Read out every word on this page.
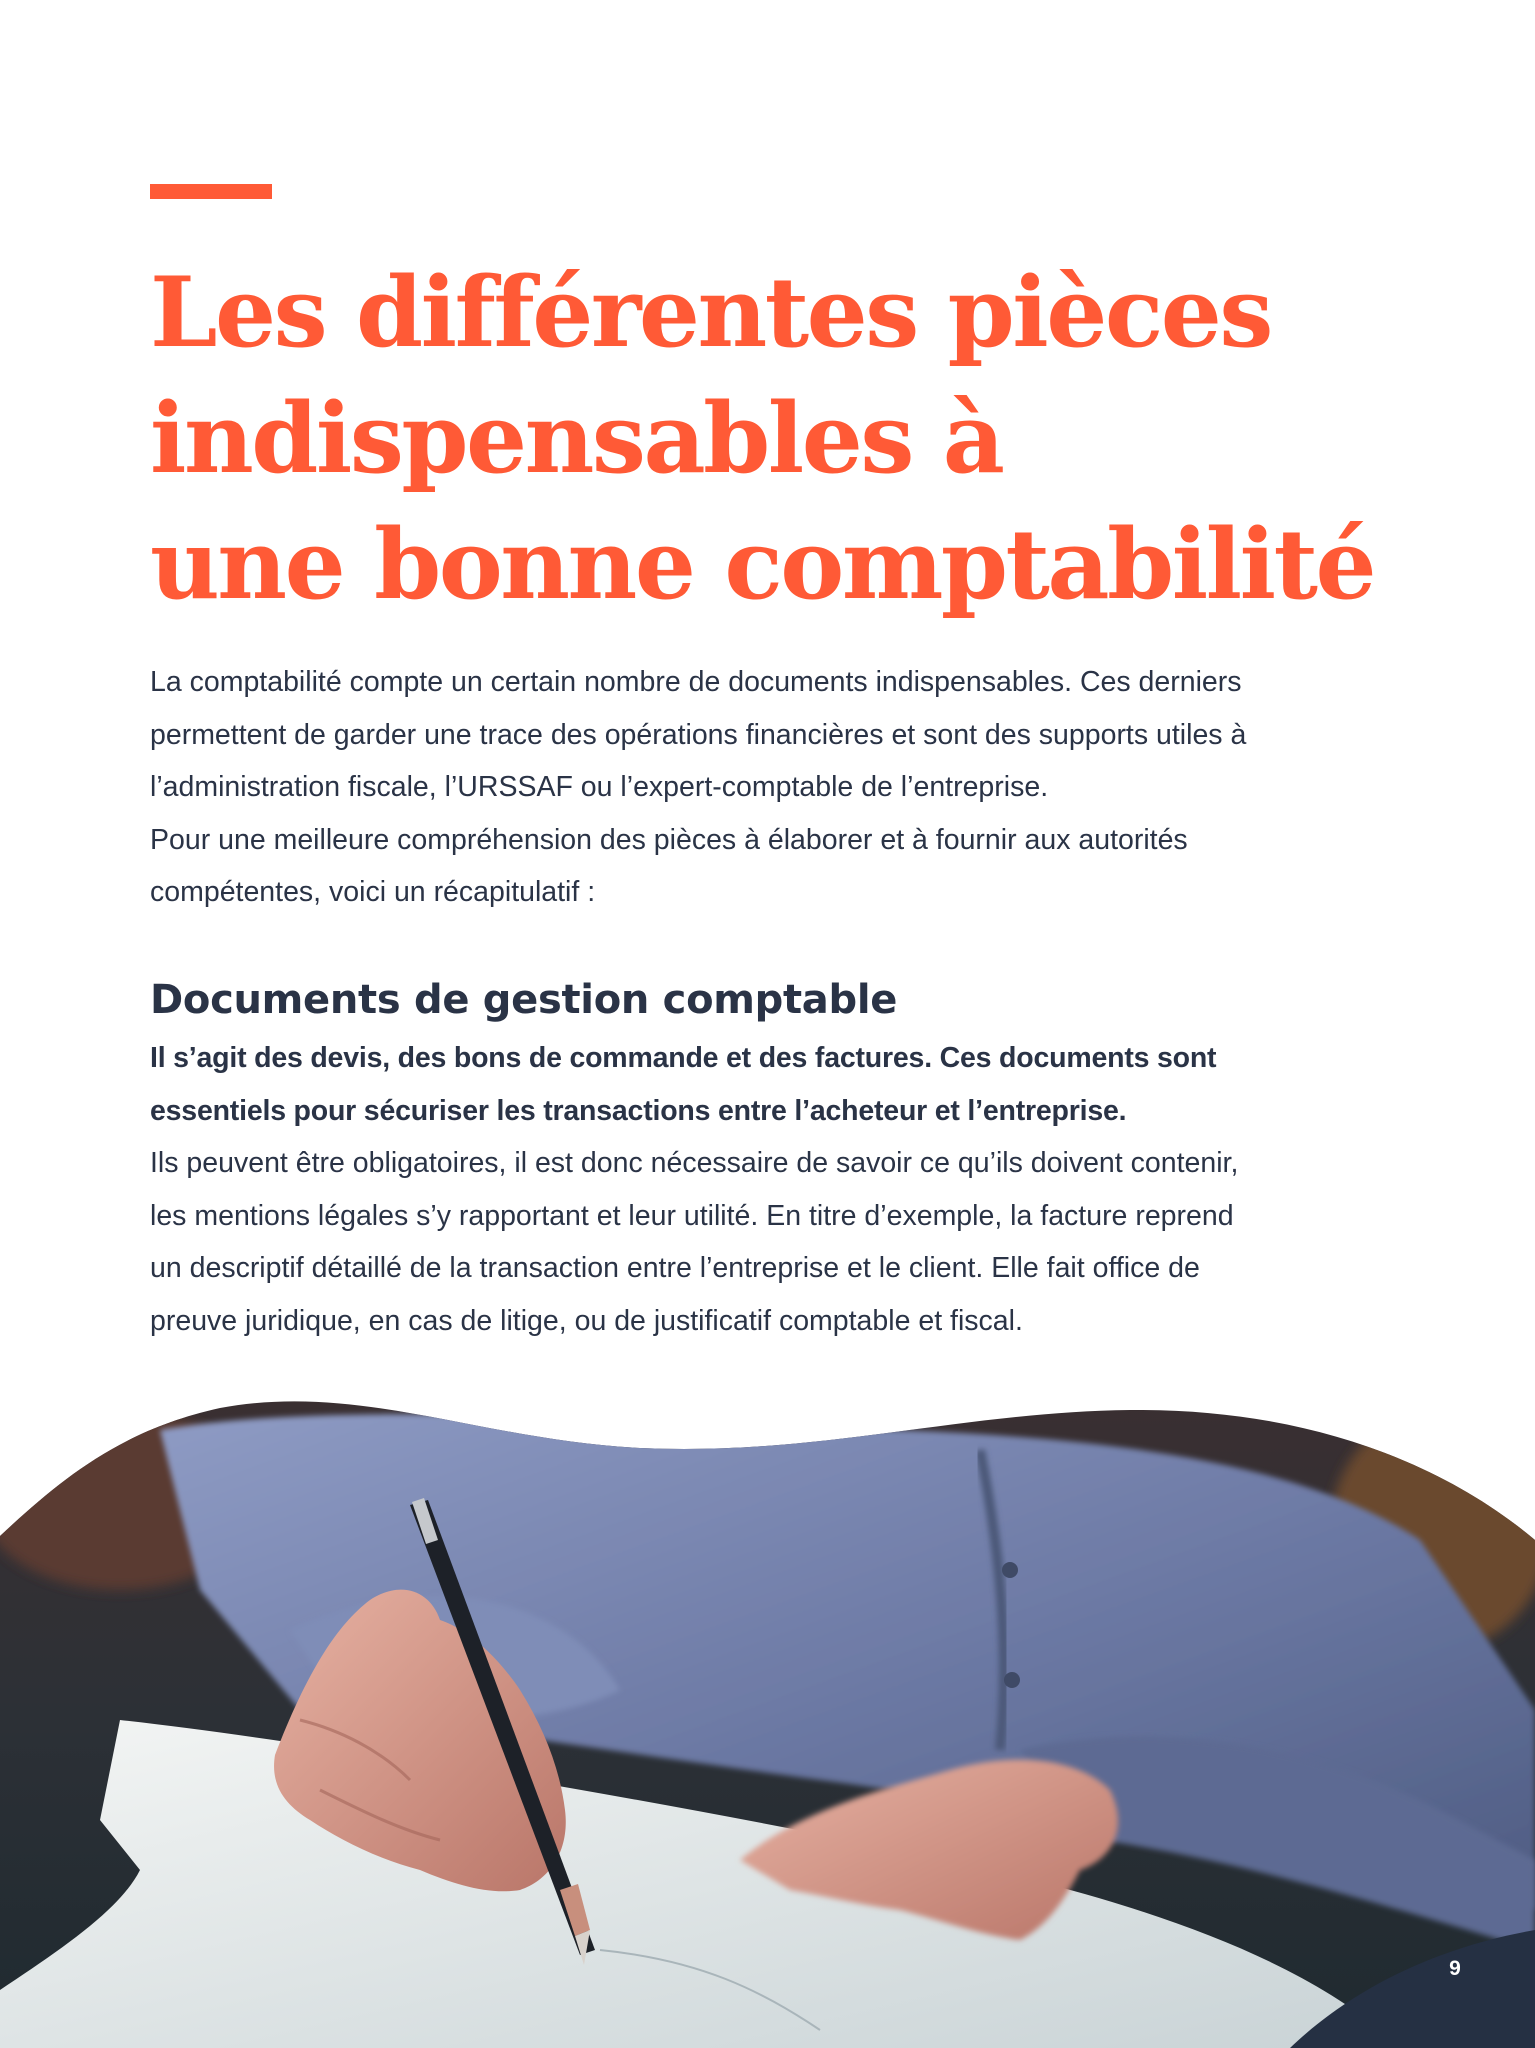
Les différentes pièces
indispensables à
une bonne comptabilité
La comptabilité compte un certain nombre de documents indispensables. Ces derniers
permettent de garder une trace des opérations financières et sont des supports utiles à
l’administration fiscale, l’URSSAF ou l’expert-comptable de l’entreprise.
Pour une meilleure compréhension des pièces à élaborer et à fournir aux autorités
compétentes, voici un récapitulatif :
Documents de gestion comptable
Il s’agit des devis, des bons de commande et des factures. Ces documents sont
essentiels pour sécuriser les transactions entre l’acheteur et l’entreprise.
Ils peuvent être obligatoires, il est donc nécessaire de savoir ce qu’ils doivent contenir,
les mentions légales s’y rapportant et leur utilité. En titre d’exemple, la facture reprend
un descriptif détaillé de la transaction entre l’entreprise et le client. Elle fait office de
preuve juridique, en cas de litige, ou de justificatif comptable et fiscal.
9
